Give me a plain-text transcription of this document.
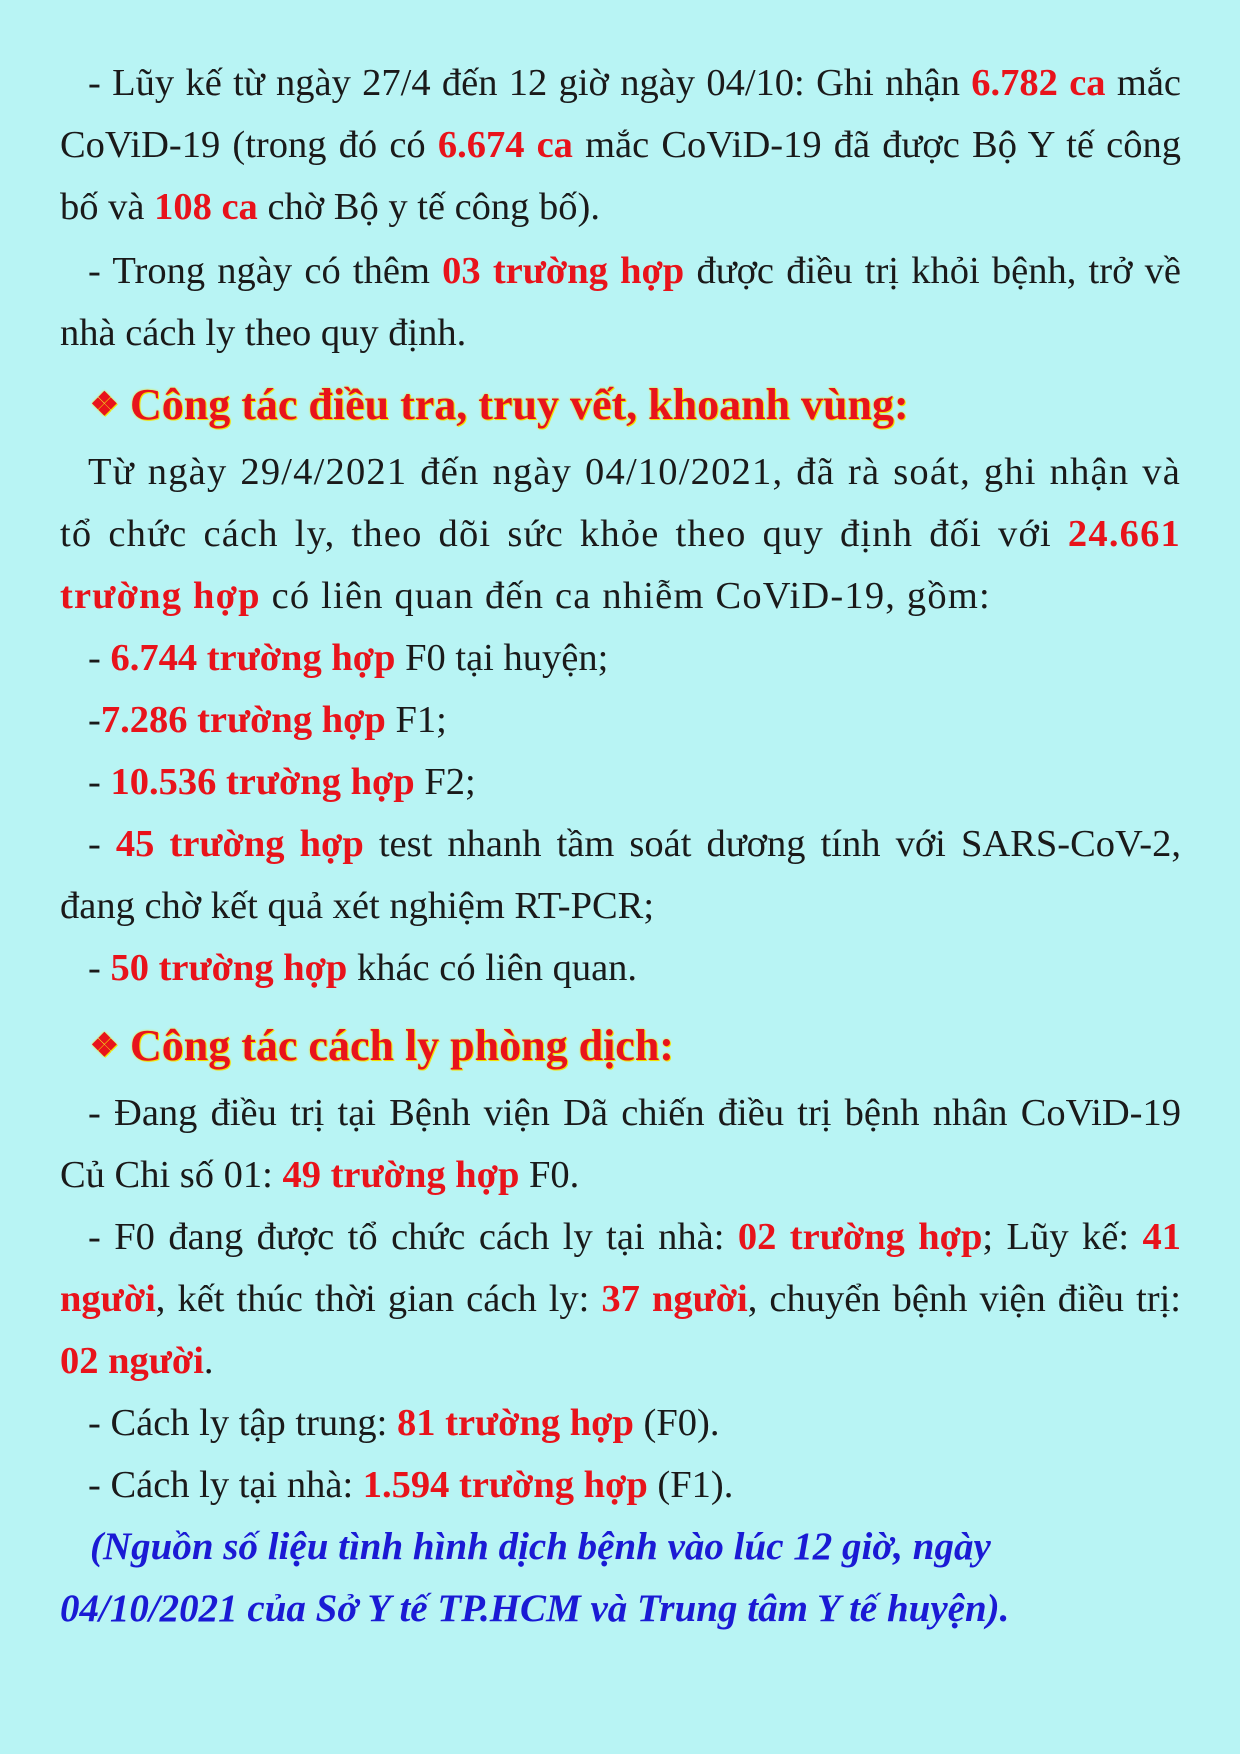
- Lũy kế từ ngày 27/4 đến 12 giờ ngày 04/10: Ghi nhận 6.782 ca mắc CoViD-19 (trong đó có 6.674 ca mắc CoViD-19 đã được Bộ Y tế công bố và 108 ca chờ Bộ y tế công bố).

- Trong ngày có thêm 03 trường hợp được điều trị khỏi bệnh, trở về nhà cách ly theo quy định.

❖ Công tác điều tra, truy vết, khoanh vùng:

Từ ngày 29/4/2021 đến ngày 04/10/2021, đã rà soát, ghi nhận và tổ chức cách ly, theo dõi sức khỏe theo quy định đối với 24.661 trường hợp có liên quan đến ca nhiễm CoViD-19, gồm:

- 6.744 trường hợp F0 tại huyện;

-7.286 trường hợp F1;

- 10.536 trường hợp F2;

- 45 trường hợp test nhanh tầm soát dương tính với SARS-CoV-2, đang chờ kết quả xét nghiệm RT-PCR;

- 50 trường hợp khác có liên quan.

❖ Công tác cách ly phòng dịch:

- Đang điều trị tại Bệnh viện Dã chiến điều trị bệnh nhân CoViD-19 Củ Chi số 01: 49 trường hợp F0.

- F0 đang được tổ chức cách ly tại nhà: 02 trường hợp; Lũy kế: 41 người, kết thúc thời gian cách ly: 37 người, chuyển bệnh viện điều trị: 02 người.

- Cách ly tập trung: 81 trường hợp (F0).

- Cách ly tại nhà: 1.594 trường hợp (F1).

(Nguồn số liệu tình hình dịch bệnh vào lúc 12 giờ, ngày
04/10/2021 của Sở Y tế TP.HCM và Trung tâm Y tế huyện).
